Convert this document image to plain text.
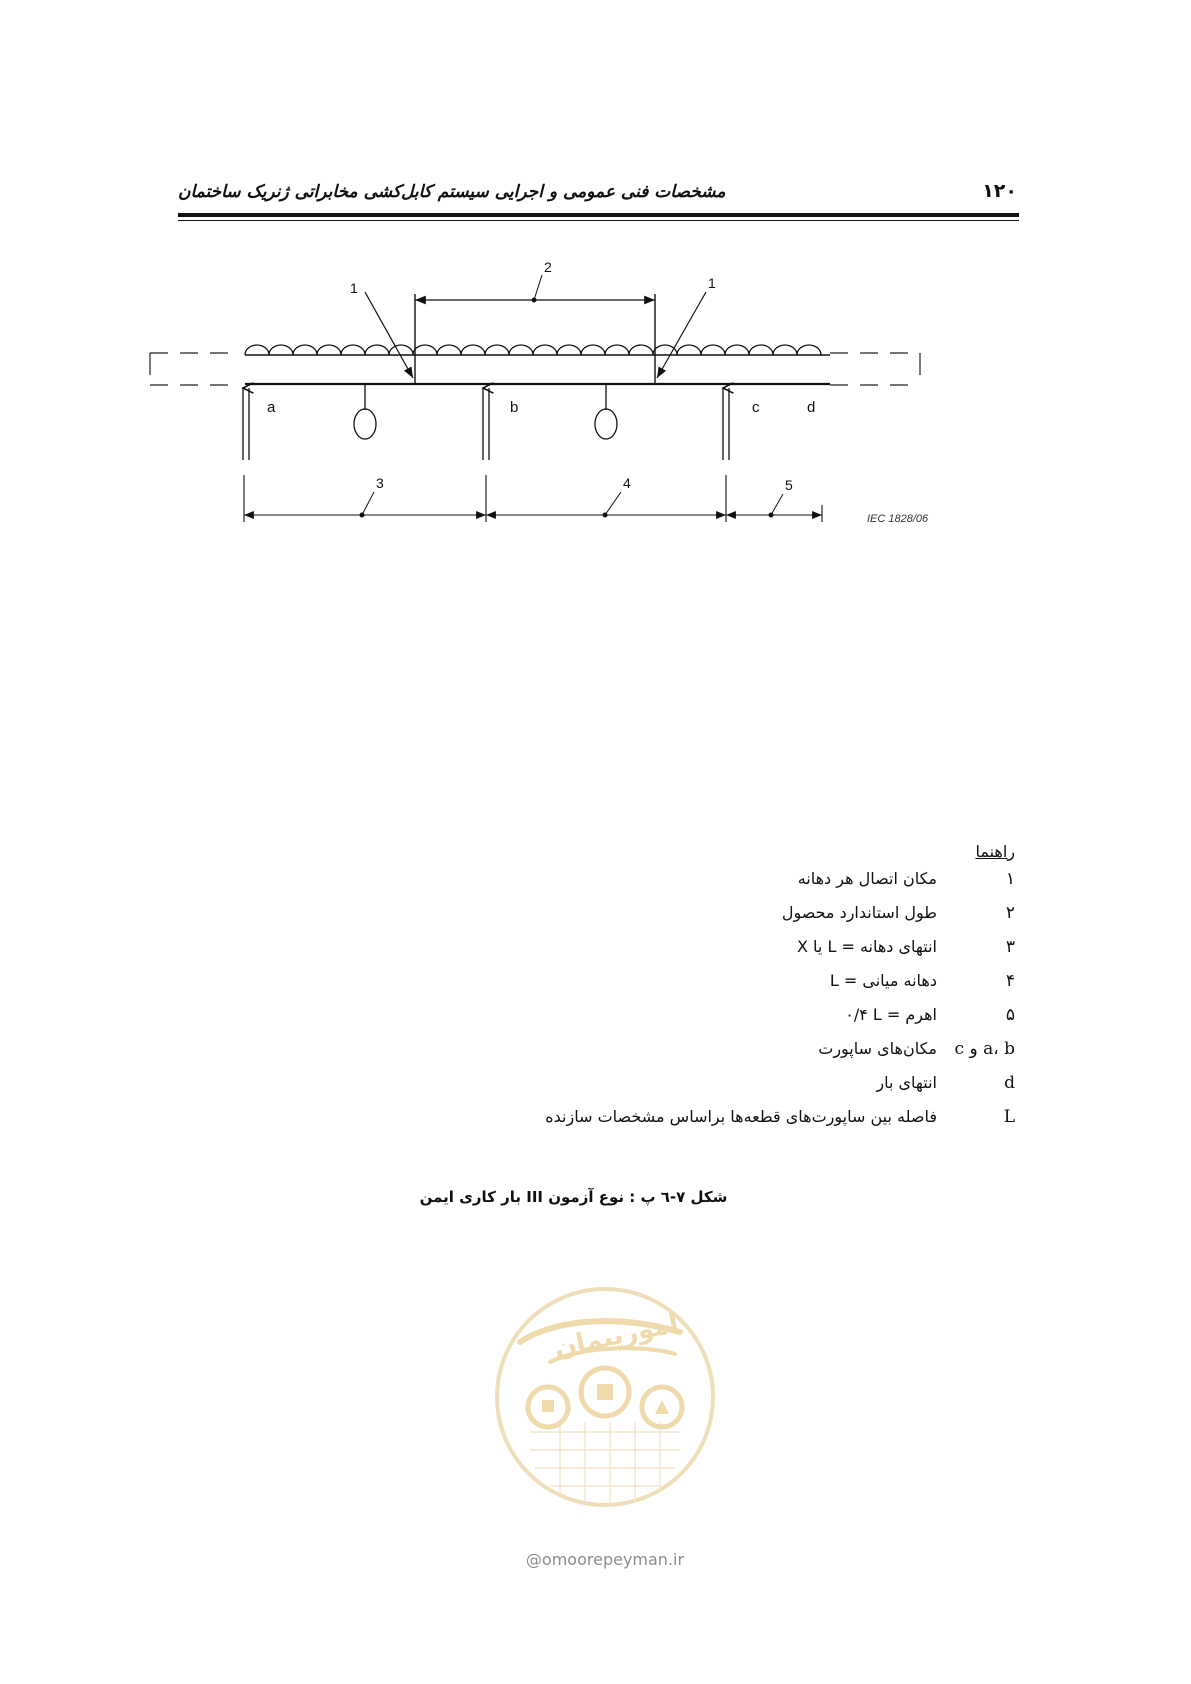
مشخصات فنی عمومی و اجرایی سیستم کابل‌کشی مخابراتی ژنریک ساختمان	۱۲۰
2
1	1
a	b	c	d
3	4	5
IEC 1828/06
راهنما
۱
مکان اتصال هر دهانه
۲
طول استاندارد محصول
۳
انتهای دهانه = L یا X
۴
دهانه میانی = L
۵
اهرم = ‎۰/۴ L
a، b و c
مکان‌های ساپورت
d
انتهای بار
L
فاصله بین ساپورت‌های قطعه‌ها براساس مشخصات سازنده
شکل ۷-٦ پ : نوع آزمون III بار کاری ایمن
امورپیمان
@omoorepeyman.ir
